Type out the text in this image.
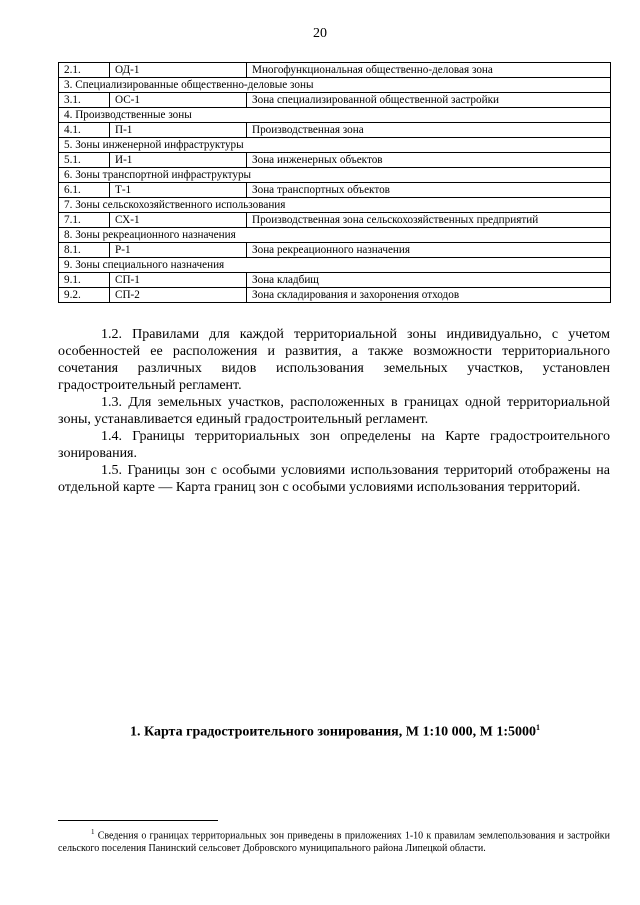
20
2.1.	ОД-1	Многофункциональная общественно-деловая зона
3. Специализированные общественно-деловые зоны		
3.1.	ОС-1	Зона специализированной общественной застройки
4. Производственные зоны		
4.1.	П-1	Производственная зона
5. Зоны инженерной инфраструктуры		
5.1.	И-1	Зона инженерных объектов
6. Зоны транспортной инфраструктуры		
6.1.	Т-1	Зона транспортных объектов
7. Зоны сельскохозяйственного использования		
7.1.	СХ-1	Производственная зона сельскохозяйственных предприятий
8. Зоны рекреационного назначения		
8.1.	Р-1	Зона рекреационного назначения
9. Зоны специального назначения		
9.1.	СП-1	Зона кладбищ
9.2.	СП-2	Зона складирования и захоронения отходов

1.2. Правилами для каждой территориальной зоны индивидуально, с учетом особенностей ее расположения и развития, а также возможности территориального сочетания различных видов использования земельных участков, установлен градостроительный регламент.

1.3. Для земельных участков, расположенных в границах одной территориальной зоны, устанавливается единый градостроительный регламент.

1.4. Границы территориальных зон определены на Карте градостроительного зонирования.

1.5. Границы зон с особыми условиями использования территорий отображены на отдельной карте — Карта границ зон с особыми условиями использования территорий.

1. Карта градостроительного зонирования, М 1:10 000, М 1:5000$^1$
$^1$ Сведения о границах территориальных зон приведены в приложениях 1-10 к правилам землепользования и застройки сельского поселения Панинский сельсовет Добровского муниципального района Липецкой области.
